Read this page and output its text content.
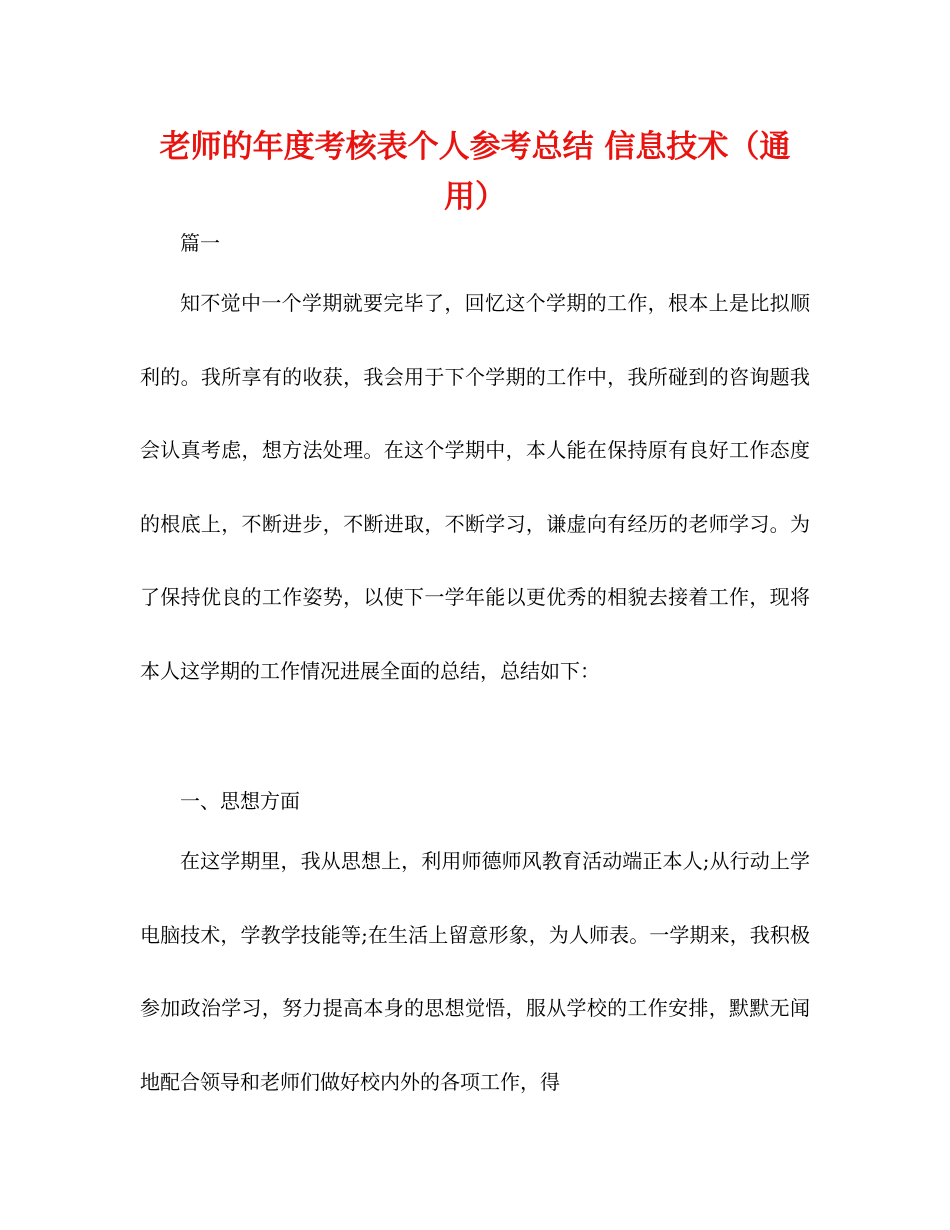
老师的年度考核表个人参考总结 信息技术（通用）

篇一

知不觉中一个学期就要完毕了，回忆这个学期的工作，根本上是比拟顺利的。我所享有的收获，我会用于下个学期的工作中，我所碰到的咨询题我会认真考虑，想方法处理。在这个学期中，本人能在保持原有良好工作态度的根底上，不断进步，不断进取，不断学习，谦虚向有经历的老师学习。为了保持优良的工作姿势，以使下一学年能以更优秀的相貌去接着工作，现将本人这学期的工作情况进展全面的总结，总结如下：

一、思想方面

在这学期里，我从思想上，利用师德师风教育活动端正本人;从行动上学电脑技术，学教学技能等;在生活上留意形象，为人师表。一学期来，我积极参加政治学习，努力提高本身的思想觉悟，服从学校的工作安排，默默无闻地配合领导和老师们做好校内外的各项工作，得
